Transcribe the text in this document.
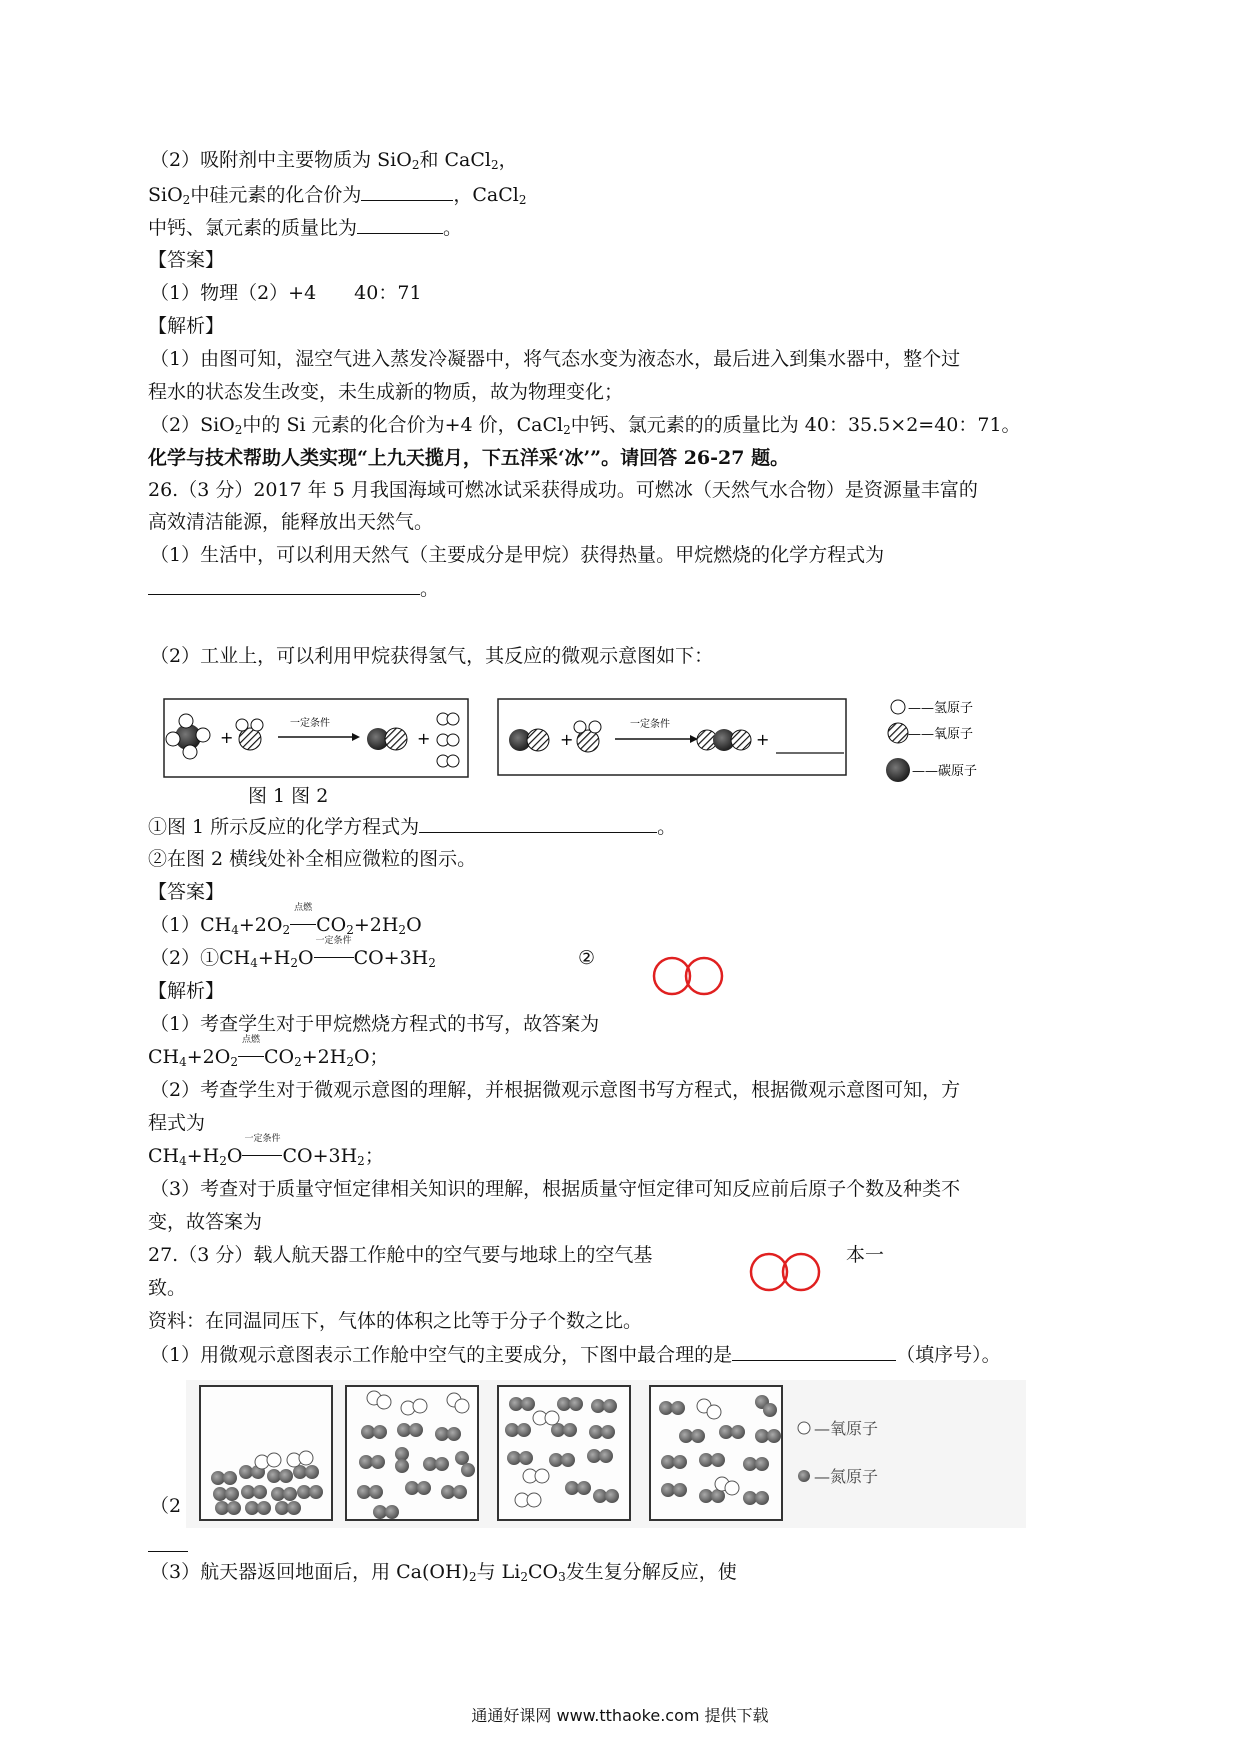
（2）吸附剂中主要物质为 SiO$_2$和 CaCl$_2$，
SiO$_2$中硅元素的化合价为	，CaCl$_2$
中钙、氯元素的质量比为	。
【答案】
（1）物理（2）+4　　40：71
【解析】
（1）由图可知，湿空气进入蒸发冷凝器中，将气态水变为液态水，最后进入到集水器中，整个过
程水的状态发生改变，未生成新的物质，故为物理变化；
（2）SiO$_2$中的 Si 元素的化合价为+4 价，CaCl$_2$中钙、氯元素的的质量比为 40：35.5×2=40：71。
化学与技术帮助人类实现“上九天揽月，下五洋采‘冰’”。请回答 26-27 题。
26.（3 分）2017 年 5 月我国海域可燃冰试采获得成功。可燃冰（天然气水合物）是资源量丰富的
高效清洁能源，能释放出天然气。
（1）生活中，可以利用天然气（主要成分是甲烷）获得热量。甲烷燃烧的化学方程式为
。
（2）工业上，可以利用甲烷获得氢气，其反应的微观示意图如下：
+
一定条件
+	+
一定条件
+
——氢原子
——氧原子
——碳原子
图 1 图 2
①图 1 所示反应的化学方程式为	。
②在图 2 横线处补全相应微粒的图示。
【答案】
$(1)CH_4+2O_2$
点燃
$CO_2+2H_2O$
$(2)①CH_4+H_2O$
一定条件
$CO+3H_2$	②
【解析】
（1）考查学生对于甲烷燃烧方程式的书写，故答案为
$CH_4+2O_2$
点燃
$CO_2+2H_2O$；
（2）考查学生对于微观示意图的理解，并根据微观示意图书写方程式，根据微观示意图可知，方
程式为
$CH_4+H_2O$
一定条件
$CO+3H_2$；
（3）考查对于质量守恒定律相关知识的理解，根据质量守恒定律可知反应前后原子个数及种类不
变，故答案为
27.（3 分）载人航天器工作舱中的空气要与地球上的空气基	本一
致。
资料：在同温同压下，气体的体积之比等于分子个数之比。
（1）用微观示意图表示工作舱中空气的主要成分，下图中最合理的是	（填序号）。
（2
—氧原子
—氮原子
（3）航天器返回地面后，用 $Ca(OH)_2$与 $Li_2CO_3$发生复分解反应，使
通通好课网 www.tthaoke.com 提供下载
